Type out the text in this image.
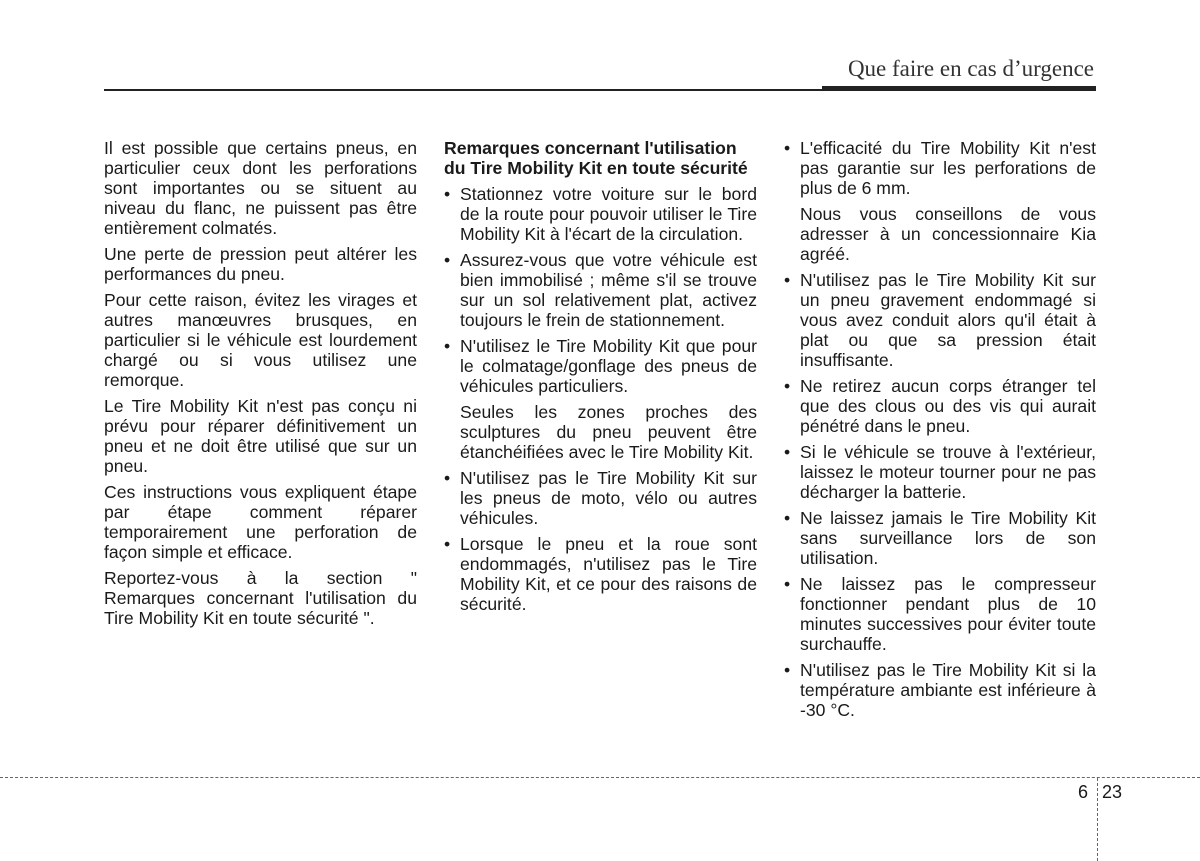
Que faire en cas d’urgence

Il est possible que certains pneus, en particulier ceux dont les perforations sont importantes ou se situent au niveau du flanc, ne puissent pas être entièrement colmatés.

Une perte de pression peut altérer les performances du pneu.

Pour cette raison, évitez les virages et autres manœuvres brusques, en particulier si le véhicule est lourdement chargé ou si vous utilisez une remorque.

Le Tire Mobility Kit n'est pas conçu ni prévu pour réparer définitivement un pneu et ne doit être utilisé que sur un pneu.

Ces instructions vous expliquent étape par étape comment réparer temporairement une perforation de façon simple et efficace.

Reportez-vous à la section " Remarques concernant l'utilisation du Tire Mobility Kit en toute sécurité ".

Remarques concernant l'utilisation du Tire Mobility Kit en toute sécurité
• Stationnez votre voiture sur le bord de la route pour pouvoir utiliser le Tire Mobility Kit à l'écart de la circulation.
• Assurez-vous que votre véhicule est bien immobilisé ; même s'il se trouve sur un sol relativement plat, activez toujours le frein de stationnement.
• N'utilisez le Tire Mobility Kit que pour le colmatage/gonflage des pneus de véhicules particuliers.

Seules les zones proches des sculptures du pneu peuvent être étanchéifiées avec le Tire Mobility Kit.

• N'utilisez pas le Tire Mobility Kit sur les pneus de moto, vélo ou autres véhicules.
• Lorsque le pneu et la roue sont endommagés, n'utilisez pas le Tire Mobility Kit, et ce pour des raisons de sécurité.
• L'efficacité du Tire Mobility Kit n'est pas garantie sur les perforations de plus de 6 mm.

Nous vous conseillons de vous adresser à un concessionnaire Kia agréé.

• N'utilisez pas le Tire Mobility Kit sur un pneu gravement endommagé si vous avez conduit alors qu'il était à plat ou que sa pression était insuffisante.
• Ne retirez aucun corps étranger tel que des clous ou des vis qui aurait pénétré dans le pneu.
• Si le véhicule se trouve à l'extérieur, laissez le moteur tourner pour ne pas décharger la batterie.
• Ne laissez jamais le Tire Mobility Kit sans surveillance lors de son utilisation.
• Ne laissez pas le compresseur fonctionner pendant plus de 10 minutes successives pour éviter toute surchauffe.
• N'utilisez pas le Tire Mobility Kit si la température ambiante est inférieure à -30 °C.
6 23
